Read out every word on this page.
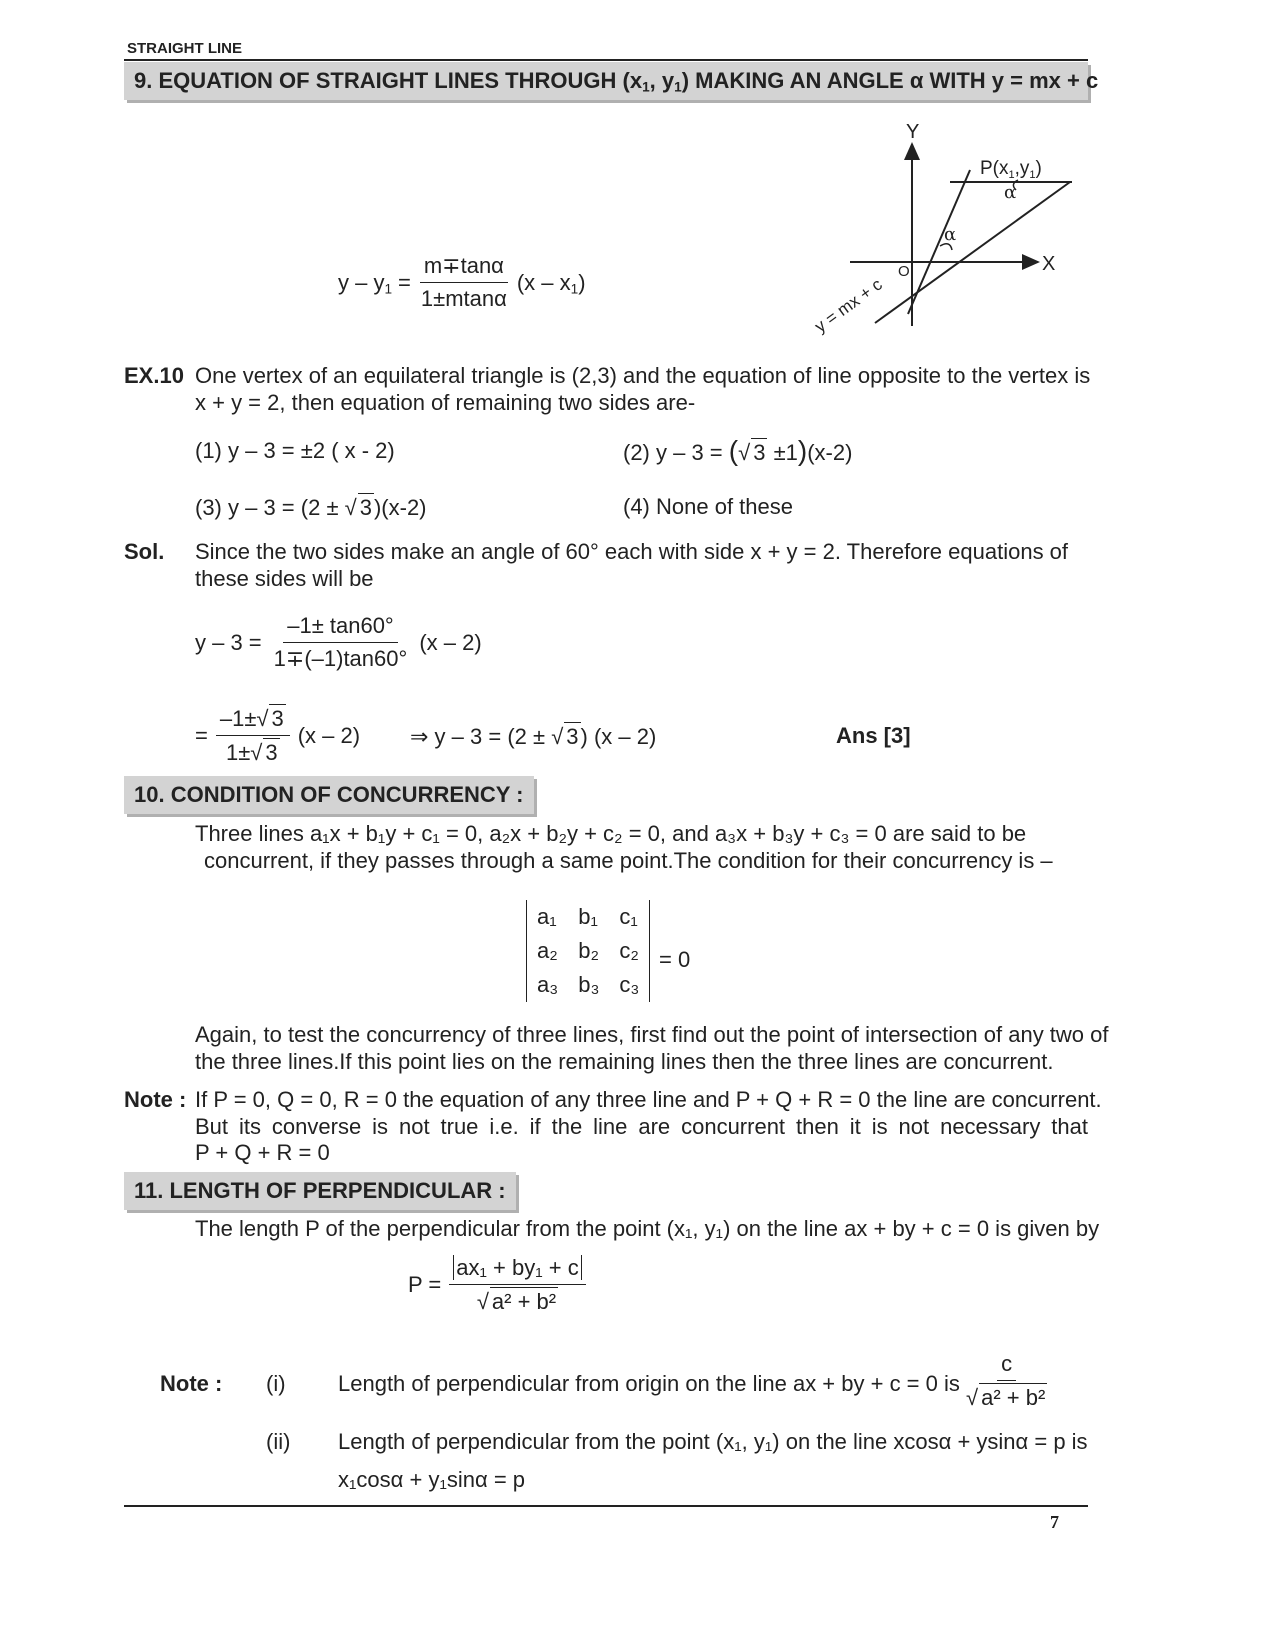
STRAIGHT LINE
9. EQUATION OF STRAIGHT LINES THROUGH ($x_1$, $y_1$) MAKING AN ANGLE α WITH y = mx + c
$y - y_1 = \frac{m\mp\tan\alpha}{1\pm mtan\alpha} (x - x_1)$
Y
X
O
α
α
$P(x_1,y_1)$
y = mx + c
EX.10 One vertex of an equilateral triangle is (2,3) and the equation of line opposite to the vertex is
x + y = 2, then equation of remaining two sides are-
(1) y – 3 = ±2 ( x - 2)	(2) y – 3 = (√ 3 ±1)(x-2)
(3) y – 3 = (2 ± √ 3)(x-2)	(4) None of these
Sol. Since the two sides make an angle of 60° each with side x + y = 2. Therefore equations of
these sides will be
$y - 3 = \frac{-1\pm \tan 60^\circ}{1\mp(-1)\tan 60^\circ} (x - 2)$
= $\frac{-1\pm√ 3}{1\pm√ 3} (x - 2)$ ⇒ y – 3 = (2 ± √ 3) (x – 2)	Ans [3]
10. CONDITION OF CONCURRENCY :
Three lines a₁x + b₁y + c₁ = 0, a₂x + b₂y + c₂ = 0, and a₃x + b₃y + c₃ = 0 are said to be
concurrent, if they passes through a same point.The condition for their concurrency is –
a₁	b₁	c₁
a₂	b₂	c₂
a₃	b₃	c₃
= 0
Again, to test the concurrency of three lines, first find out the point of intersection of any two of
the three lines.If this point lies on the remaining lines then the three lines are concurrent.
Note : If P = 0, Q = 0, R = 0 the equation of any three line and P + Q + R = 0 the line are concurrent.
But its converse is not true i.e. if the line are concurrent then it is not necessary that
P + Q + R = 0
11. LENGTH OF PERPENDICULAR :
The length P of the perpendicular from the point (x₁, y₁) on the line ax + by + c = 0 is given by
$P = \frac{\text{ax₁ + by₁ + c}}{\text{√ a² + b²}}$
Note : (i) Length of perpendicular from origin on the line ax + by + c = 0 is $\frac{c}{\text{√ a² + b²}}$
(ii) Length of perpendicular from the point (x₁, y₁) on the line xcosα + ysinα = p is
x₁cosα + y₁sinα = p
7
